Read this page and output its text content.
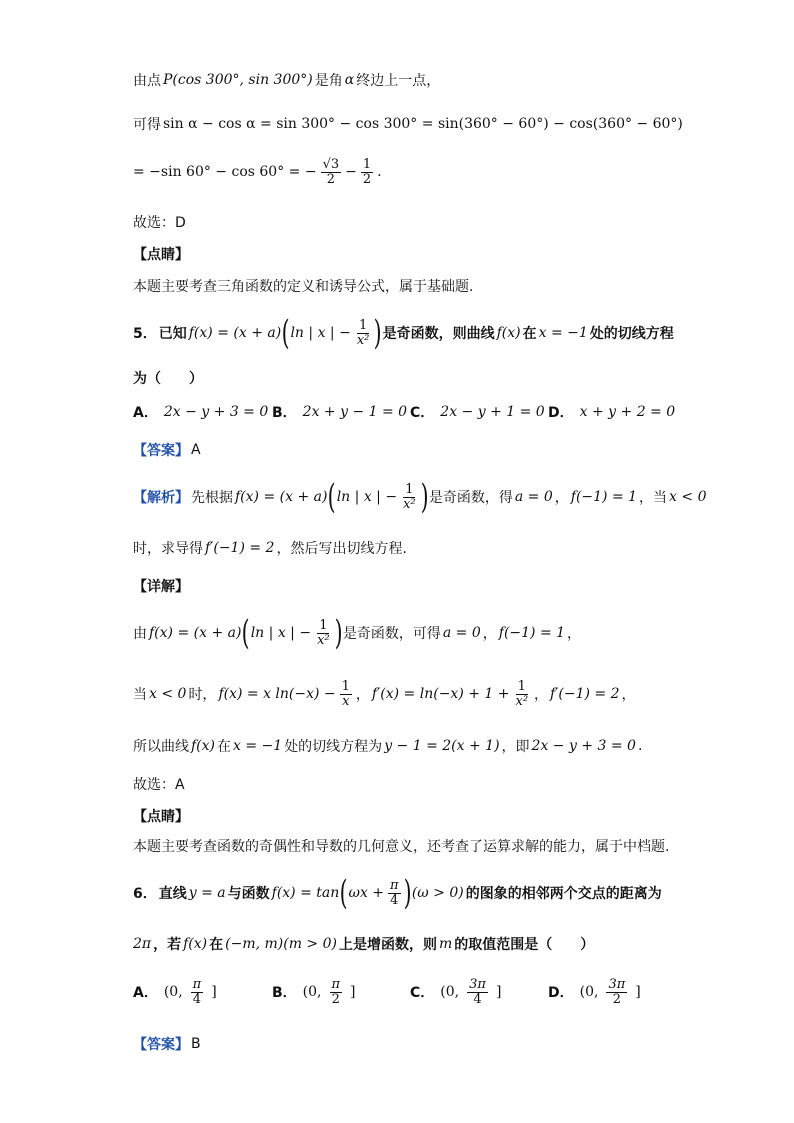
由点 P(cos 300°, sin 300°) 是角 α 终边上一点，
可得 sin α − cos α = sin 300° − cos 300° = sin(360° − 60°) − cos(360° − 60°)
= −sin 60° − cos 60° = − $\frac{√3}{2} - \frac{1}{2}$ .
故选：D
【点睛】
本题主要考查三角函数的定义和诱导公式，属于基础题.
5． 已知 f(x) = (x + a) ( ln | x | − $\frac{1}{\text{x²}}$ ) 是奇函数，则曲线 f(x) 在 x = −1 处的切线方程
为（　　）
A． 2x − y + 3 = 0 B． 2x + y − 1 = 0 C． 2x − y + 1 = 0 D． x + y + 2 = 0
【答案】 A
【解析】 先根据 f(x) = (x + a) ( ln | x | − $\frac{1}{\text{x²}}$ ) 是奇函数，得 a = 0 ， f(−1) = 1 ，当 x < 0
时，求导得 f′(−1) = 2 ，然后写出切线方程.
【详解】
由 f(x) = (x + a) ( ln | x | − $\frac{1}{\text{x²}}$ ) 是奇函数，可得 a = 0 ， f(−1) = 1 ，
当 x < 0 时， f(x) = x $\ln(-x) - \frac{1}{x}$ ， $f'(x) = \ln(-x) + 1 + \frac{1}{\text{x²}}$ ， f′(−1) = 2 ，
所以曲线 f(x) 在 x = −1 处的切线方程为 y − 1 = 2(x + 1) ，即 2x − y + 3 = 0 .
故选：A
【点睛】
本题主要考查函数的奇偶性和导数的几何意义，还考查了运算求解的能力，属于中档题.
6． 直线 y = a 与函数 f(x) = tan ( $\omega x + \frac{\pi}{4}$ ) (ω > 0) 的图象的相邻两个交点的距离为
2π ，若 f(x) 在 (−m, m)(m > 0) 上是增函数，则 m 的取值范围是（　　）
A． (0, $\frac{\pi}{4}$ ]	B． (0, $\frac{\pi}{2}$ ]	C． (0, $\frac{3\pi}{4}$ ]	D． (0, $\frac{3\pi}{2}$ ]
【答案】 B
